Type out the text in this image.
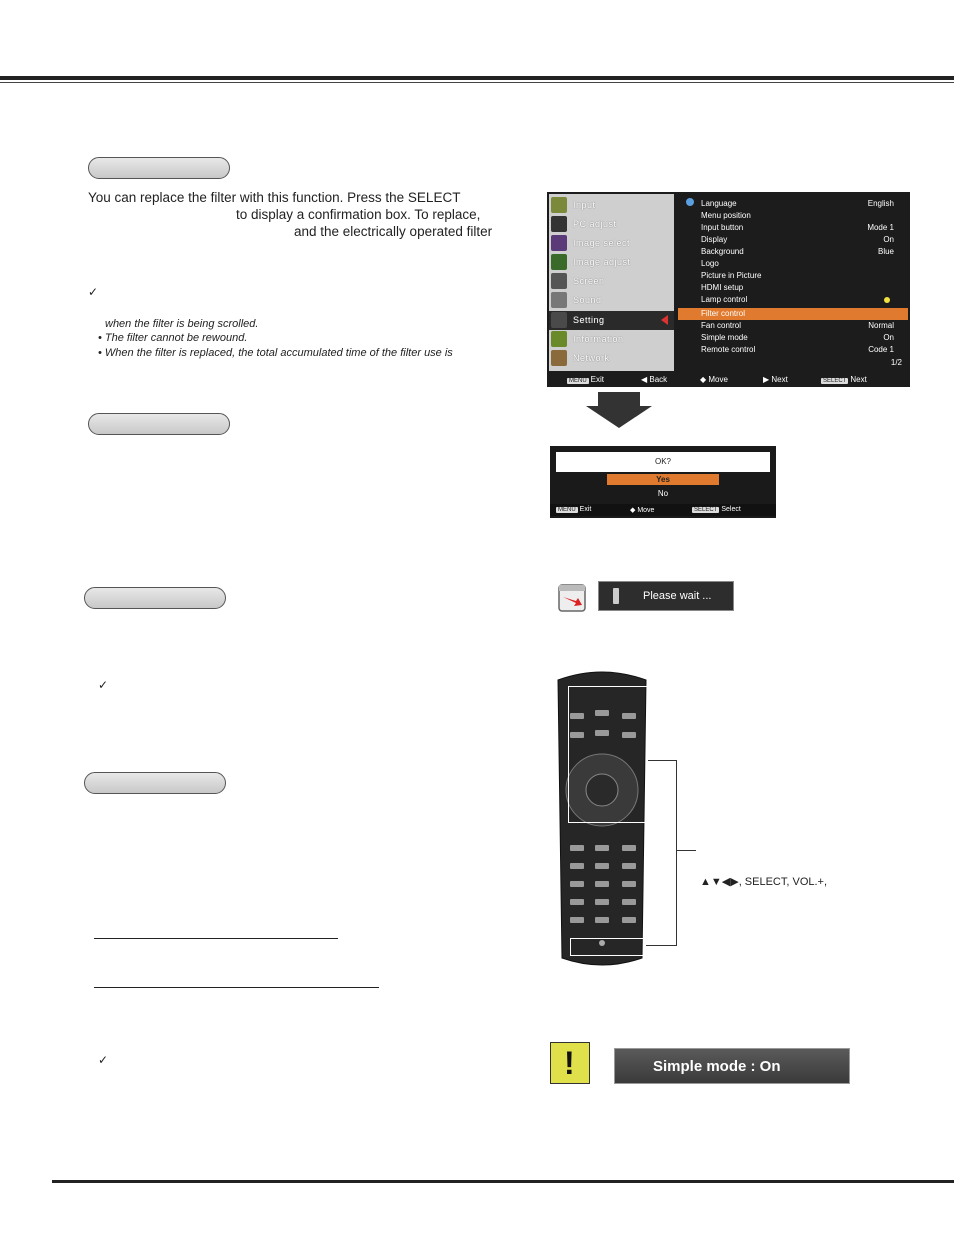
You can replace the filter with this function. Press the SELECT
to display a confirmation box. To replace,
and the electrically operated filter
✓
when the filter is being scrolled.
• The filter cannot be rewound.
• When the filter is replaced, the total accumulated time of the filter use is
✓
✓
Input
PC adjust
Image select
Image adjust
Screen
Sound
Setting
Information
Network
Language	English
Menu position
Input button	Mode 1
Display	On
Background	Blue
Logo
Picture in Picture
HDMI setup
Lamp control
Filter control
Fan control	Normal
Simple mode	On
Remote control	Code 1
1/2
MENU Exit	◀ Back	◆ Move	▶ Next	SELECT Next
OK?
Yes
No
MENU Exit	◆ Move	SELECT Select
Please wait ...
▲▼◀▶, SELECT, VOL.+,
!	Simple mode : On
